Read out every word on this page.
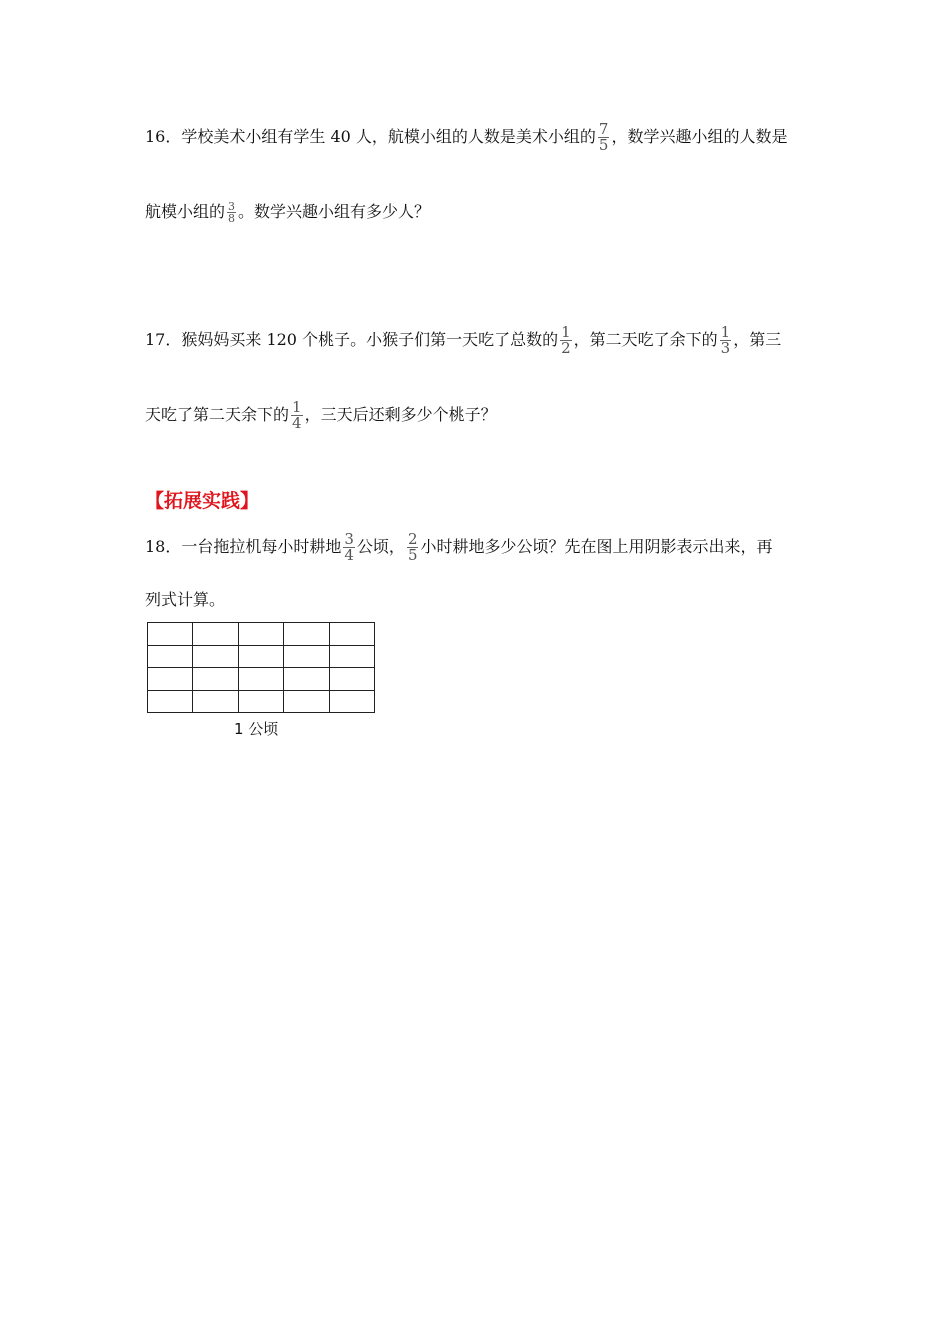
16．学校美术小组有学生 40 人，航模小组的人数是美术小组的 $\frac{7}{5}$ ，数学兴趣小组的人数是
航模小组的 $\frac{3}{8}$ 。数学兴趣小组有多少人？
17．猴妈妈买来 120 个桃子。小猴子们第一天吃了总数的 $\frac{1}{2}$ ，第二天吃了余下的 $\frac{1}{3}$ ，第三
天吃了第二天余下的 $\frac{1}{4}$ ，三天后还剩多少个桃子？
【拓展实践】
18．一台拖拉机每小时耕地 $\frac{3}{4}$ 公顷， $\frac{2}{5}$ 小时耕地多少公顷？先在图上用阴影表示出来，再
列式计算。

1 公顷
